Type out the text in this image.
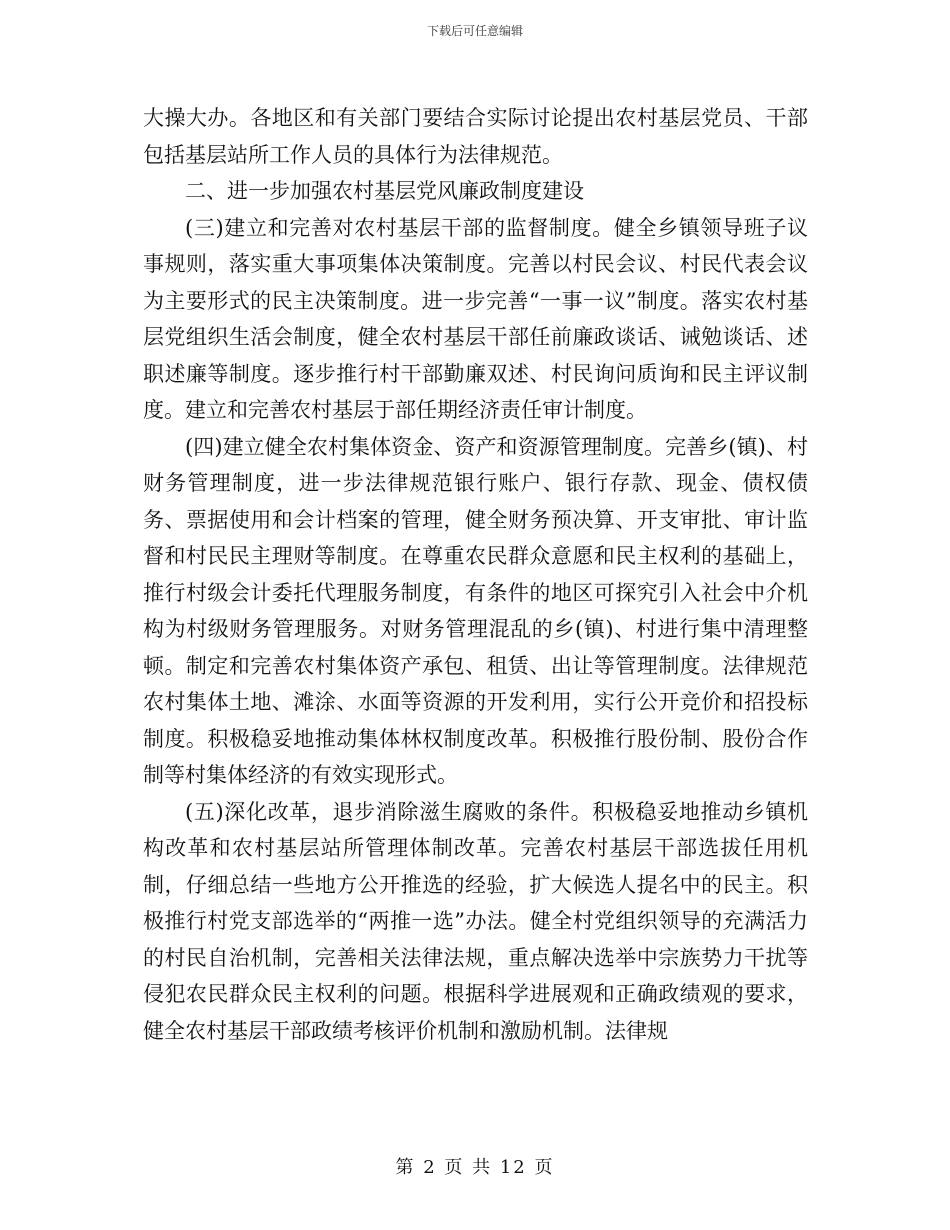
下载后可任意编辑

大操大办。各地区和有关部门要结合实际讨论提出农村基层党员、干部包括基层站所工作人员的具体行为法律规范。

二、进一步加强农村基层党风廉政制度建设

(三)建立和完善对农村基层干部的监督制度。健全乡镇领导班子议事规则，落实重大事项集体决策制度。完善以村民会议、村民代表会议为主要形式的民主决策制度。进一步完善“一事一议”制度。落实农村基层党组织生活会制度，健全农村基层干部任前廉政谈话、诫勉谈话、述职述廉等制度。逐步推行村干部勤廉双述、村民询问质询和民主评议制度。建立和完善农村基层于部任期经济责任审计制度。

(四)建立健全农村集体资金、资产和资源管理制度。完善乡(镇)、村财务管理制度，进一步法律规范银行账户、银行存款、现金、债权债务、票据使用和会计档案的管理，健全财务预决算、开支审批、审计监督和村民民主理财等制度。在尊重农民群众意愿和民主权利的基础上，推行村级会计委托代理服务制度，有条件的地区可探究引入社会中介机构为村级财务管理服务。对财务管理混乱的乡(镇)、村进行集中清理整顿。制定和完善农村集体资产承包、租赁、出让等管理制度。法律规范农村集体土地、滩涂、水面等资源的开发利用，实行公开竞价和招投标制度。积极稳妥地推动集体林权制度改革。积极推行股份制、股份合作制等村集体经济的有效实现形式。

(五)深化改革，退步消除滋生腐败的条件。积极稳妥地推动乡镇机构改革和农村基层站所管理体制改革。完善农村基层干部选拔任用机制，仔细总结一些地方公开推选的经验，扩大候选人提名中的民主。积极推行村党支部选举的“两推一选”办法。健全村党组织领导的充满活力的村民自治机制，完善相关法律法规，重点解决选举中宗族势力干扰等侵犯农民群众民主权利的问题。根据科学进展观和正确政绩观的要求，健全农村基层干部政绩考核评价机制和激励机制。法律规

第 2 页 共 12 页
